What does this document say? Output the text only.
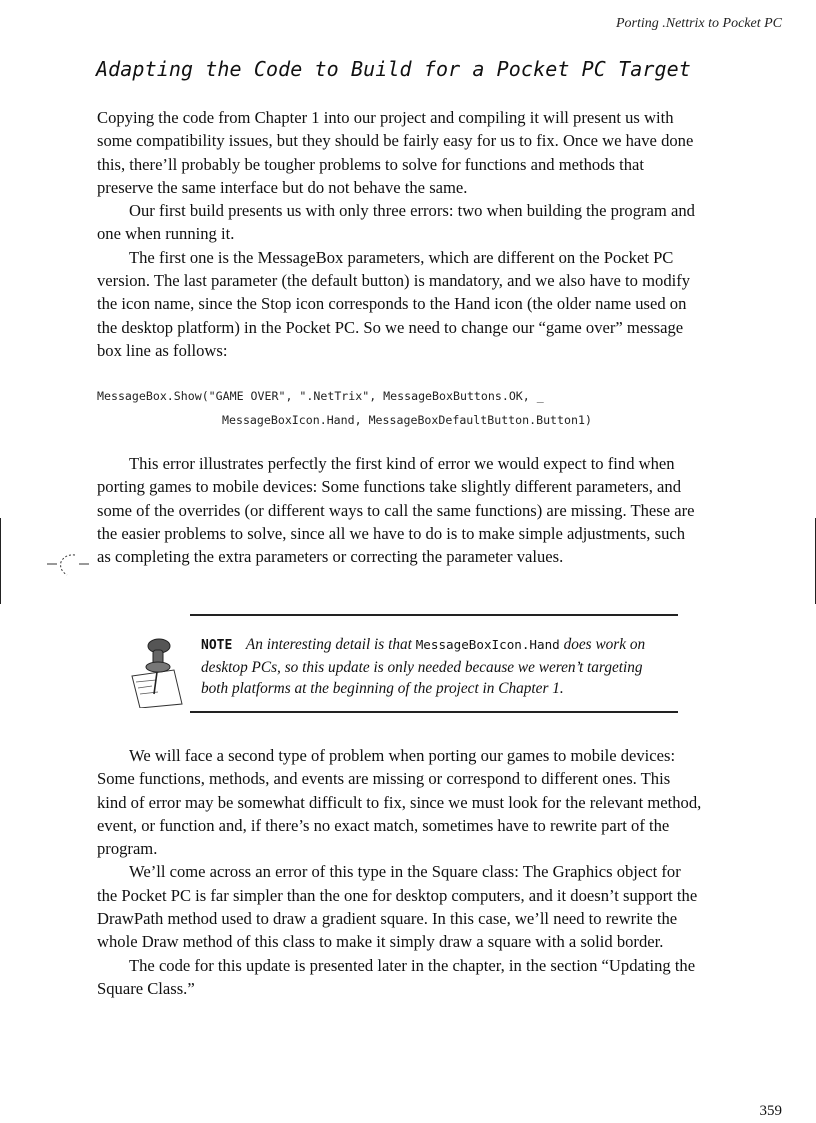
Porting .Nettrix to Pocket PC
Adapting the Code to Build for a Pocket PC Target

Copying the code from Chapter 1 into our project and compiling it will present us with some compatibility issues, but they should be fairly easy for us to fix. Once we have done this, there’ll probably be tougher problems to solve for functions and methods that preserve the same interface but do not behave the same.

Our first build presents us with only three errors: two when building the program and one when running it.

The first one is the MessageBox parameters, which are different on the Pocket PC version. The last parameter (the default button) is mandatory, and we also have to modify the icon name, since the Stop icon corresponds to the Hand icon (the older name used on the desktop platform) in the Pocket PC. So we need to change our “game over” message box line as follows:

MessageBox.Show("GAME OVER", ".NetTrix", MessageBoxButtons.OK, _
MessageBoxIcon.Hand, MessageBoxDefaultButton.Button1)

This error illustrates perfectly the first kind of error we would expect to find when porting games to mobile devices: Some functions take slightly different parameters, and some of the overrides (or different ways to call the same functions) are missing. These are the easier problems to solve, since all we have to do is to make simple adjustments, such as completing the extra parameters or correcting the parameter values.

NOTE An interesting detail is that MessageBoxIcon.Hand does work on desktop PCs, so this update is only needed because we weren’t targeting both platforms at the beginning of the project in Chapter 1.

We will face a second type of problem when porting our games to mobile devices: Some functions, methods, and events are missing or correspond to different ones. This kind of error may be somewhat difficult to fix, since we must look for the relevant method, event, or function and, if there’s no exact match, sometimes have to rewrite part of the program.

We’ll come across an error of this type in the Square class: The Graphics object for the Pocket PC is far simpler than the one for desktop computers, and it doesn’t support the DrawPath method used to draw a gradient square. In this case, we’ll need to rewrite the whole Draw method of this class to make it simply draw a square with a solid border.

The code for this update is presented later in the chapter, in the section “Updating the Square Class.”

359
